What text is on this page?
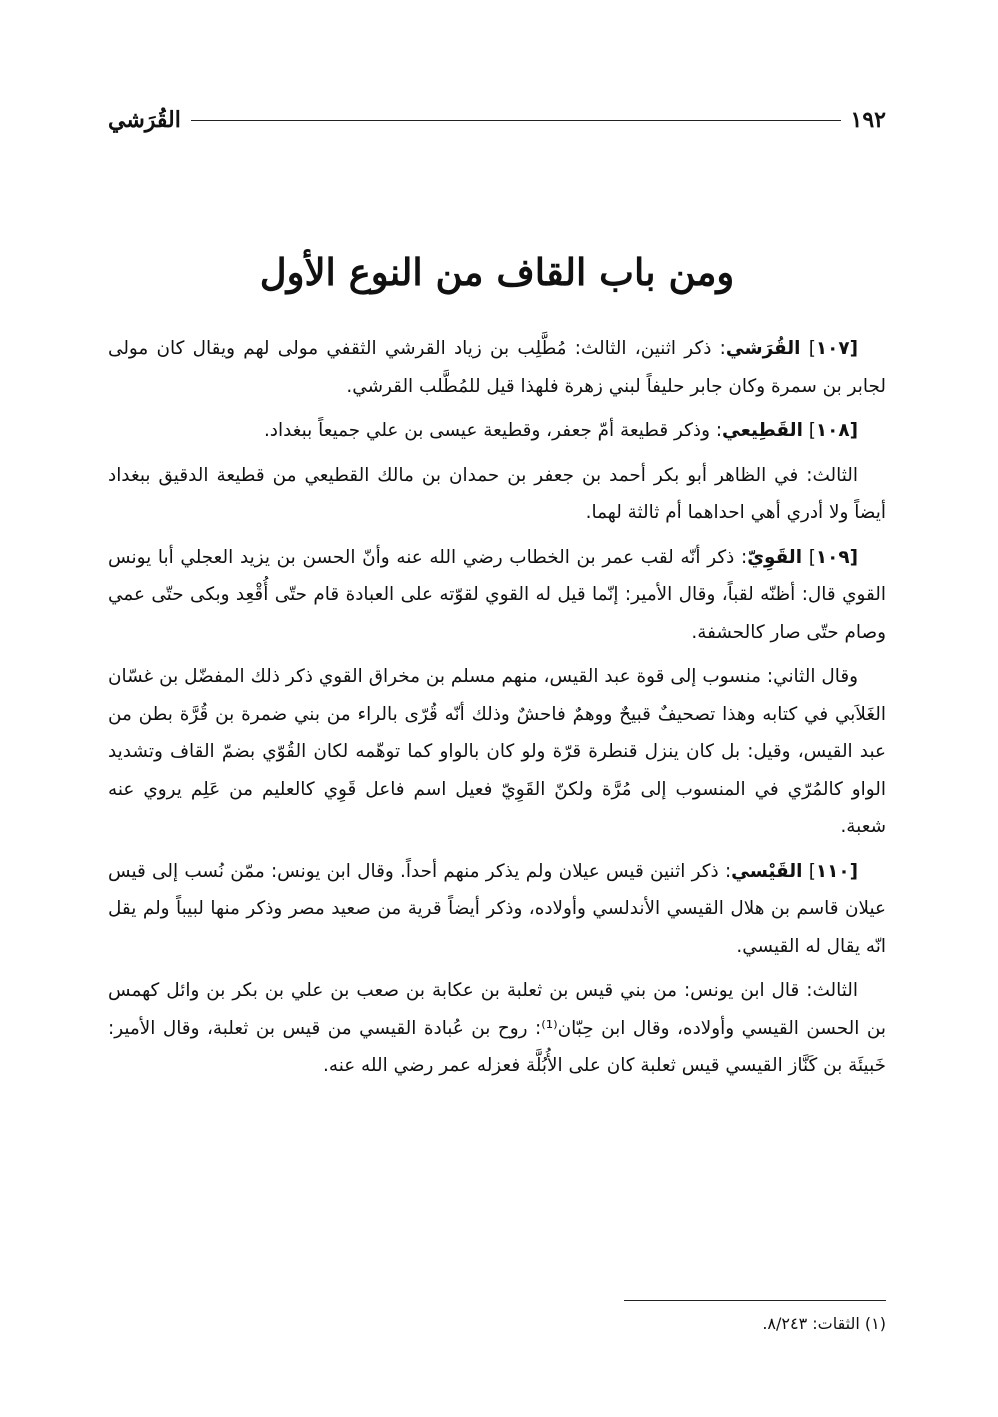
القُرَشي	١٩٢
ومن باب القاف من النوع الأول

[١٠٧] القُرَشي: ذكر اثنين، الثالث: مُطَّلِب بن زياد القرشي الثقفي مولى لهم ويقال كان مولى لجابر بن سمرة وكان جابر حليفاً لبني زهرة فلهذا قيل للمُطَّلب القرشي.

[١٠٨] القَطِيعي: وذكر قطيعة أمّ جعفر، وقطيعة عيسى بن علي جميعاً ببغداد.

الثالث: في الظاهر أبو بكر أحمد بن جعفر بن حمدان بن مالك القطيعي من قطيعة الدقيق ببغداد أيضاً ولا أدري أهي احداهما أم ثالثة لهما.

[١٠٩] القَوِيّ: ذكر أنّه لقب عمر بن الخطاب رضي الله عنه وأنّ الحسن بن يزيد العجلي أبا يونس القوي قال: أظنّه لقباً، وقال الأمير: إنّما قيل له القوي لقوّته على العبادة قام حتّى أُقْعِد وبكى حتّى عمي وصام حتّى صار كالحشفة.

وقال الثاني: منسوب إلى قوة عبد القيس، منهم مسلم بن مخراق القوي ذكر ذلك المفضّل بن غسّان الغَلاَبي في كتابه وهذا تصحيفٌ قبيحٌ ووهمٌ فاحشٌ وذلك أنّه قُرّى بالراء من بني ضمرة بن قُرَّة بطن من عبد القيس، وقيل: بل كان ينزل قنطرة قرّة ولو كان بالواو كما توهّمه لكان القُوّي بضمّ القاف وتشديد الواو كالمُرّي في المنسوب إلى مُرَّة ولكنّ القَوِيّ فعيل اسم فاعل قَوِي كالعليم من عَلِم يروي عنه شعبة.

[١١٠] القَيْسي: ذكر اثنين قيس عيلان ولم يذكر منهم أحداً. وقال ابن يونس: ممّن نُسب إلى قيس عيلان قاسم بن هلال القيسي الأندلسي وأولاده، وذكر أيضاً قرية من صعيد مصر وذكر منها لبيباً ولم يقل انّه يقال له القيسي.

الثالث: قال ابن يونس: من بني قيس بن ثعلبة بن عكابة بن صعب بن علي بن بكر بن وائل كهمس بن الحسن القيسي وأولاده، وقال ابن حِبّان⁽¹⁾: روح بن عُبادة القيسي من قيس بن ثعلبة، وقال الأمير: خَبيئَة بن كَنَّاز القيسي قيس ثعلبة كان على الأُبُلَّة فعزله عمر رضي الله عنه.

(١) الثقات: ٨/٢٤٣.
